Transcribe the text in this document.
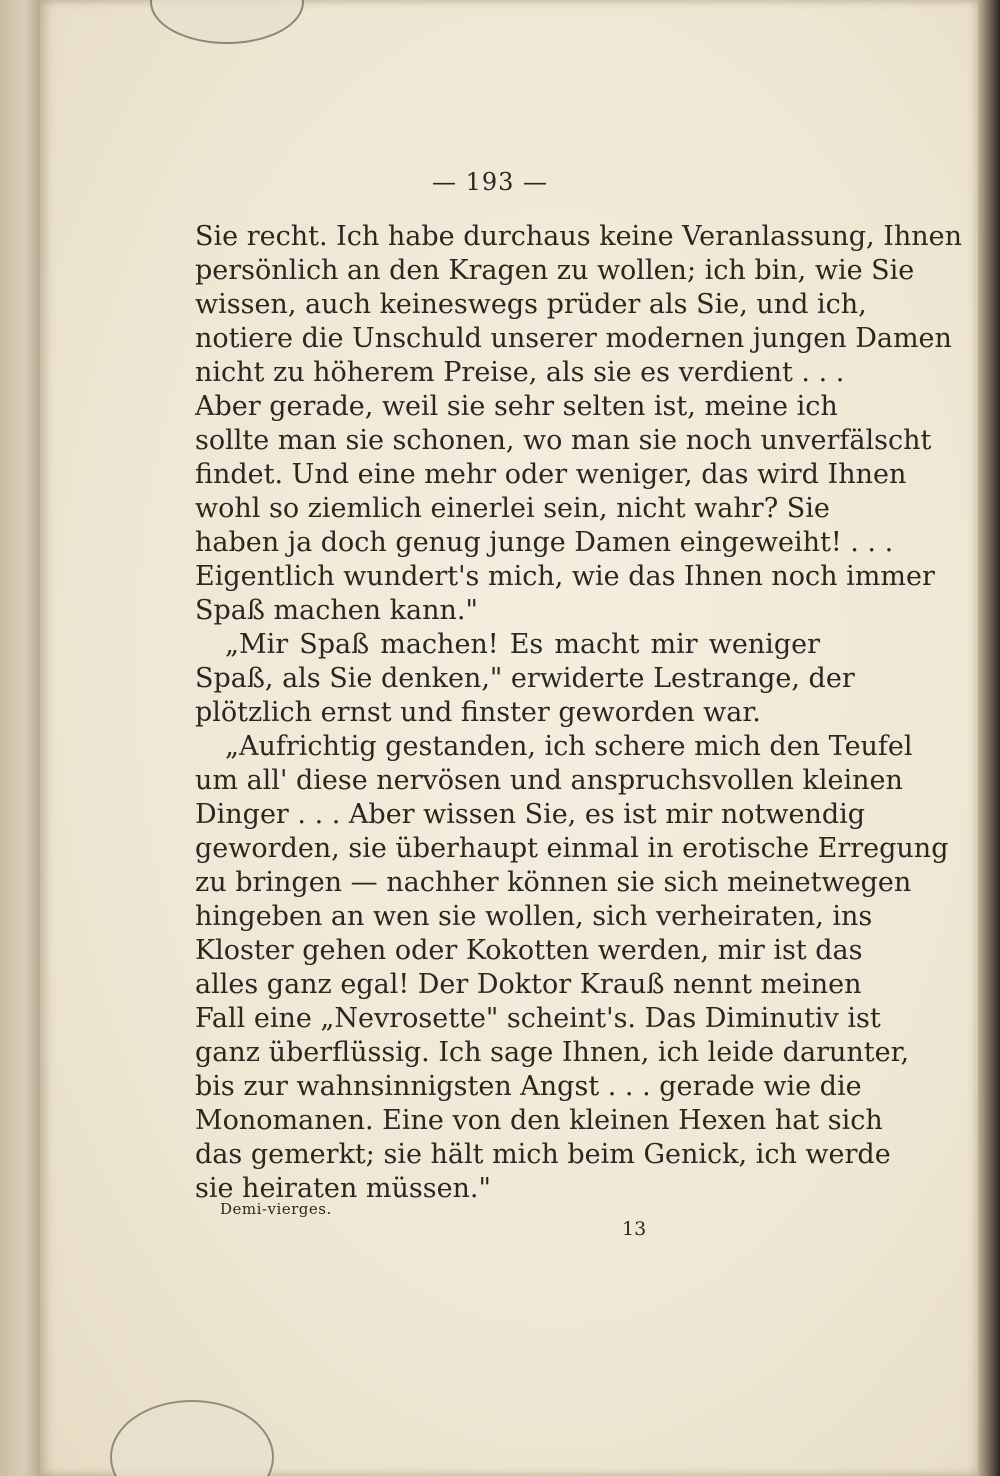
— 193 —
Sie recht. Ich habe durchaus keine Veranlassung, Ihnen
persönlich an den Kragen zu wollen; ich bin, wie Sie
wissen, auch keineswegs prüder als Sie, und ich,
notiere die Unschuld unserer modernen jungen Damen
nicht zu höherem Preise, als sie es verdient . . .
Aber gerade, weil sie sehr selten ist, meine ich
sollte man sie schonen, wo man sie noch unverfälscht
findet. Und eine mehr oder weniger, das wird Ihnen
wohl so ziemlich einerlei sein, nicht wahr? Sie
haben ja doch genug junge Damen eingeweiht! . . .
Eigentlich wundert's mich, wie das Ihnen noch immer
Spaß machen kann."
„Mir Spaß machen! Es macht mir weniger
Spaß, als Sie denken," erwiderte Lestrange, der
plötzlich ernst und finster geworden war.
„Aufrichtig gestanden, ich schere mich den Teufel
um all' diese nervösen und anspruchsvollen kleinen
Dinger . . . Aber wissen Sie, es ist mir notwendig
geworden, sie überhaupt einmal in erotische Erregung
zu bringen — nachher können sie sich meinetwegen
hingeben an wen sie wollen, sich verheiraten, ins
Kloster gehen oder Kokotten werden, mir ist das
alles ganz egal! Der Doktor Krauß nennt meinen
Fall eine „Nevrosette" scheint's. Das Diminutiv ist
ganz überflüssig. Ich sage Ihnen, ich leide darunter,
bis zur wahnsinnigsten Angst . . . gerade wie die
Monomanen. Eine von den kleinen Hexen hat sich
das gemerkt; sie hält mich beim Genick, ich werde
sie heiraten müssen."
Demi-vierges.
13
